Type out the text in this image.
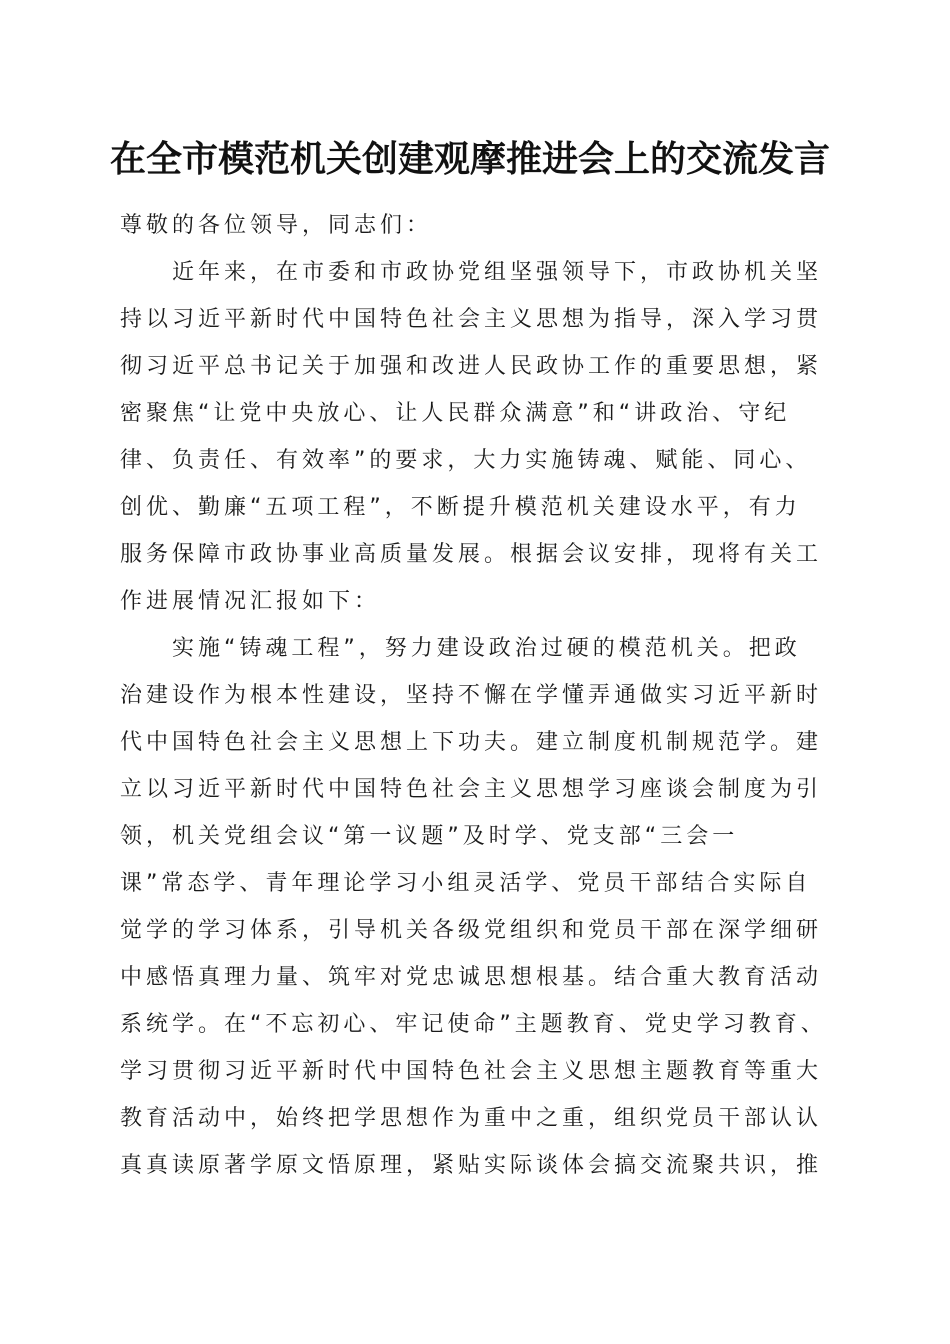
在全市模范机关创建观摩推进会上的交流发言

尊敬的各位领导，同志们：

近年来，在市委和市政协党组坚强领导下，市政协机关坚
持以习近平新时代中国特色社会主义思想为指导，深入学习贯
彻习近平总书记关于加强和改进人民政协工作的重要思想，紧
密聚焦“让党中央放心、让人民群众满意”和“讲政治、守纪
律、负责任、有效率”的要求，大力实施铸魂、赋能、同心、
创优、勤廉“五项工程”，不断提升模范机关建设水平，有力
服务保障市政协事业高质量发展。根据会议安排，现将有关工
作进展情况汇报如下：
实施“铸魂工程”，努力建设政治过硬的模范机关。把政
治建设作为根本性建设，坚持不懈在学懂弄通做实习近平新时
代中国特色社会主义思想上下功夫。建立制度机制规范学。建
立以习近平新时代中国特色社会主义思想学习座谈会制度为引
领，机关党组会议“第一议题”及时学、党支部“三会一
课”常态学、青年理论学习小组灵活学、党员干部结合实际自
觉学的学习体系，引导机关各级党组织和党员干部在深学细研
中感悟真理力量、筑牢对党忠诚思想根基。结合重大教育活动
系统学。在“不忘初心、牢记使命”主题教育、党史学习教育、
学习贯彻习近平新时代中国特色社会主义思想主题教育等重大
教育活动中，始终把学思想作为重中之重，组织党员干部认认
真真读原著学原文悟原理，紧贴实际谈体会搞交流聚共识，推
